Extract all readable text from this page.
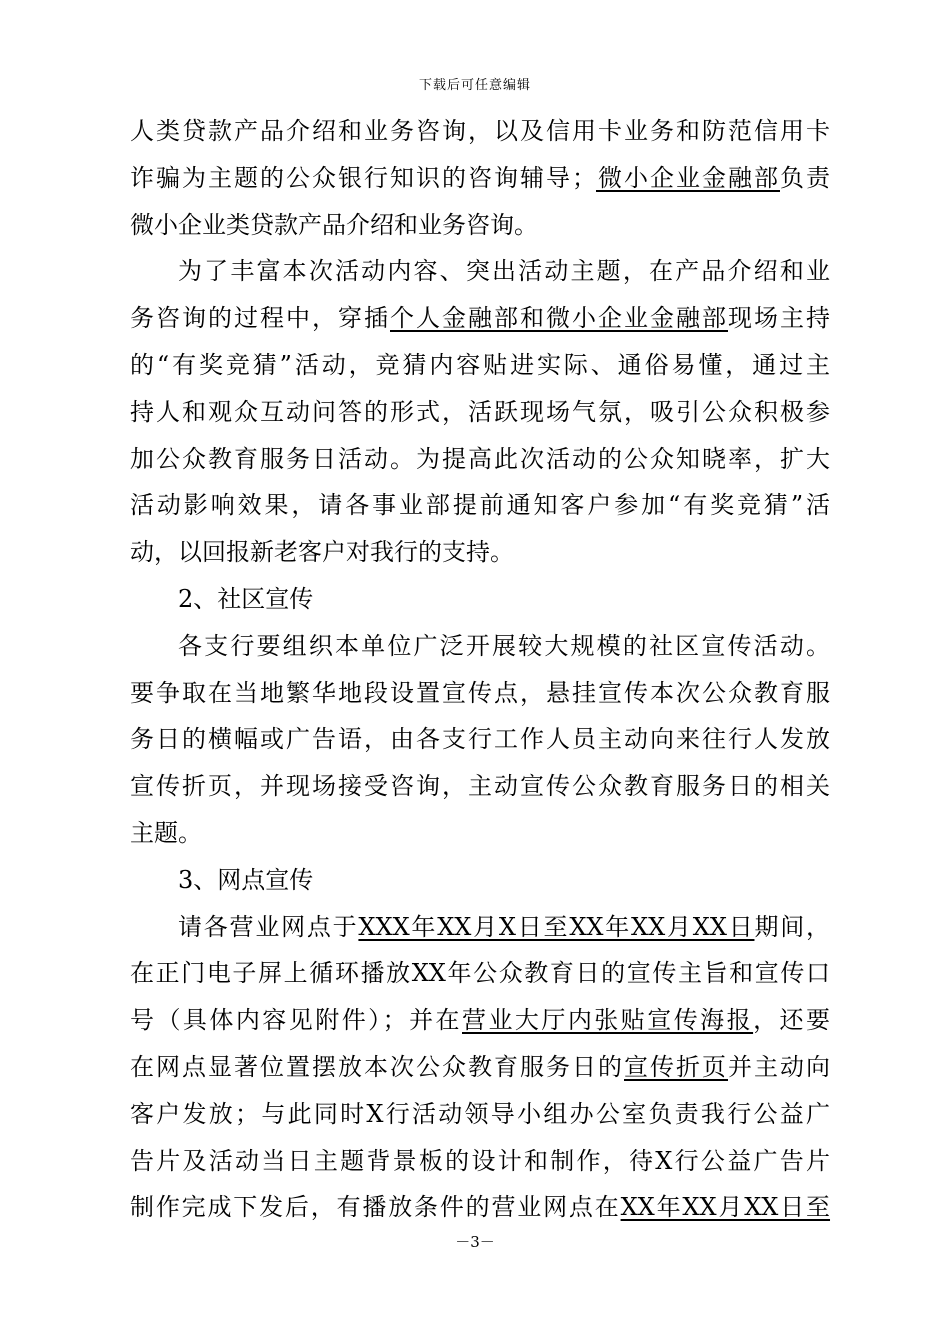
下载后可任意编辑
人类贷款产品介绍和业务咨询，以及信用卡业务和防范信用卡
诈骗为主题的公众银行知识的咨询辅导；微小企业金融部负责
微小企业类贷款产品介绍和业务咨询。
为了丰富本次活动内容、突出活动主题，在产品介绍和业
务咨询的过程中，穿插个人金融部和微小企业金融部现场主持
的“有奖竞猜”活动，竞猜内容贴进实际、通俗易懂，通过主
持人和观众互动问答的形式，活跃现场气氛，吸引公众积极参
加公众教育服务日活动。为提高此次活动的公众知晓率，扩大
活动影响效果，请各事业部提前通知客户参加“有奖竞猜”活
动，以回报新老客户对我行的支持。
2、社区宣传
各支行要组织本单位广泛开展较大规模的社区宣传活动。
要争取在当地繁华地段设置宣传点，悬挂宣传本次公众教育服
务日的横幅或广告语，由各支行工作人员主动向来往行人发放
宣传折页，并现场接受咨询，主动宣传公众教育服务日的相关
主题。
3、网点宣传
请各营业网点于XXX年XX月X日至XX年XX月XX日期间，
在正门电子屏上循环播放XX年公众教育日的宣传主旨和宣传口
号（具体内容见附件）；并在营业大厅内张贴宣传海报，还要
在网点显著位置摆放本次公众教育服务日的宣传折页并主动向
客户发放；与此同时X行活动领导小组办公室负责我行公益广
告片及活动当日主题背景板的设计和制作，待X行公益广告片
制作完成下发后，有播放条件的营业网点在XX年XX月XX日至
－3－
